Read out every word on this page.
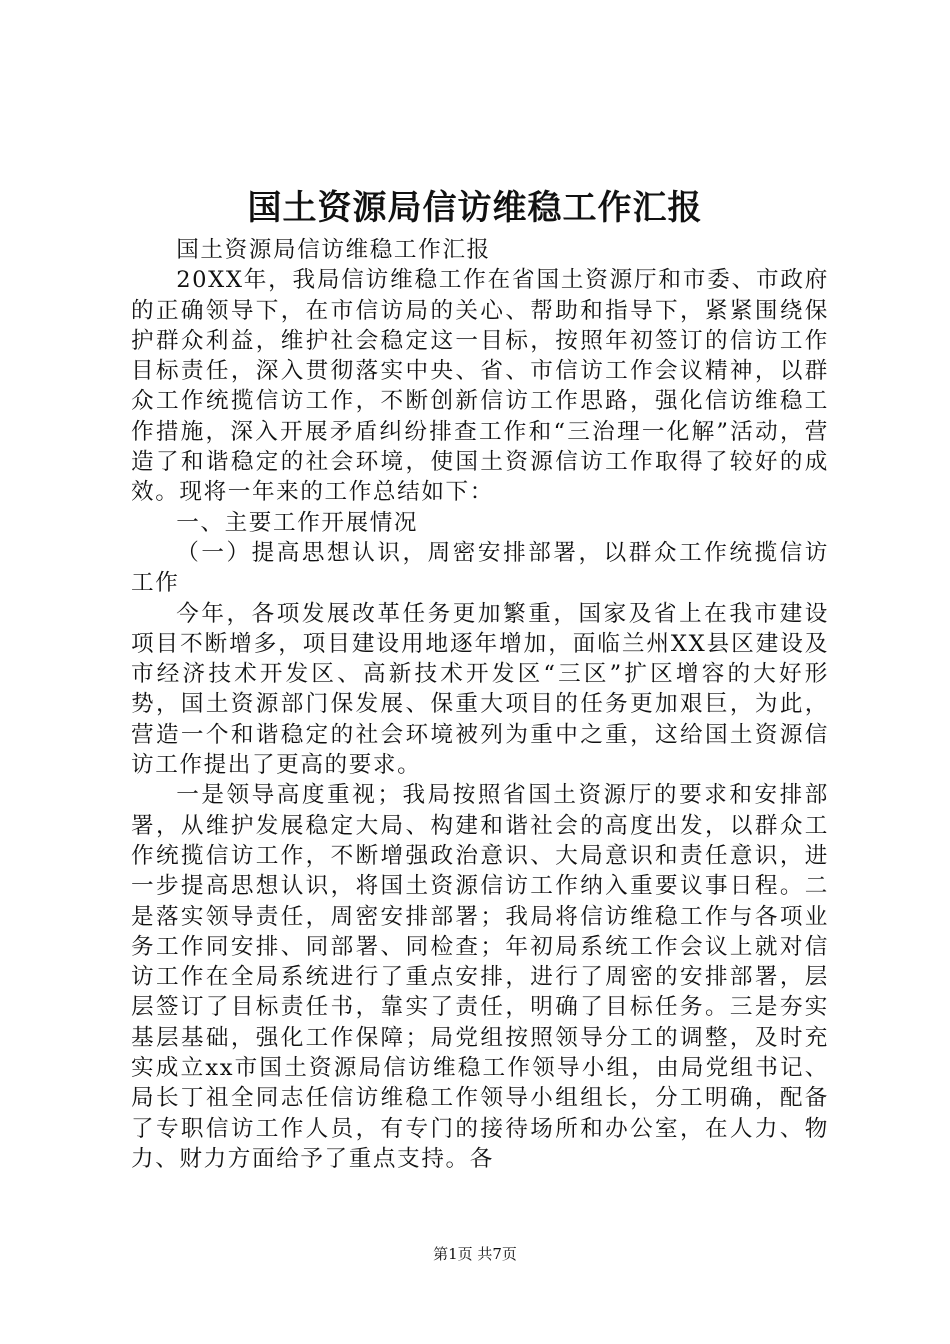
国土资源局信访维稳工作汇报

国土资源局信访维稳工作汇报

20XX年，我局信访维稳工作在省国土资源厅和市委、市政府的正确领导下，在市信访局的关心、帮助和指导下，紧紧围绕保护群众利益，维护社会稳定这一目标，按照年初签订的信访工作目标责任，深入贯彻落实中央、省、市信访工作会议精神，以群众工作统揽信访工作，不断创新信访工作思路，强化信访维稳工作措施，深入开展矛盾纠纷排查工作和“三治理一化解”活动，营造了和谐稳定的社会环境，使国土资源信访工作取得了较好的成效。现将一年来的工作总结如下：

一、主要工作开展情况

（一）提高思想认识，周密安排部署，以群众工作统揽信访工作

今年，各项发展改革任务更加繁重，国家及省上在我市建设项目不断增多，项目建设用地逐年增加，面临兰州XX县区建设及市经济技术开发区、高新技术开发区“三区”扩区增容的大好形势，国土资源部门保发展、保重大项目的任务更加艰巨，为此，营造一个和谐稳定的社会环境被列为重中之重，这给国土资源信访工作提出了更高的要求。

一是领导高度重视；我局按照省国土资源厅的要求和安排部署，从维护发展稳定大局、构建和谐社会的高度出发，以群众工作统揽信访工作，不断增强政治意识、大局意识和责任意识，进一步提高思想认识，将国土资源信访工作纳入重要议事日程。二是落实领导责任，周密安排部署；我局将信访维稳工作与各项业务工作同安排、同部署、同检查；年初局系统工作会议上就对信访工作在全局系统进行了重点安排，进行了周密的安排部署，层层签订了目标责任书，靠实了责任，明确了目标任务。三是夯实基层基础，强化工作保障；局党组按照领导分工的调整，及时充实成立xx市国土资源局信访维稳工作领导小组，由局党组书记、局长丁祖全同志任信访维稳工作领导小组组长，分工明确，配备了专职信访工作人员，有专门的接待场所和办公室，在人力、物力、财力方面给予了重点支持。各

第1页 共7页
